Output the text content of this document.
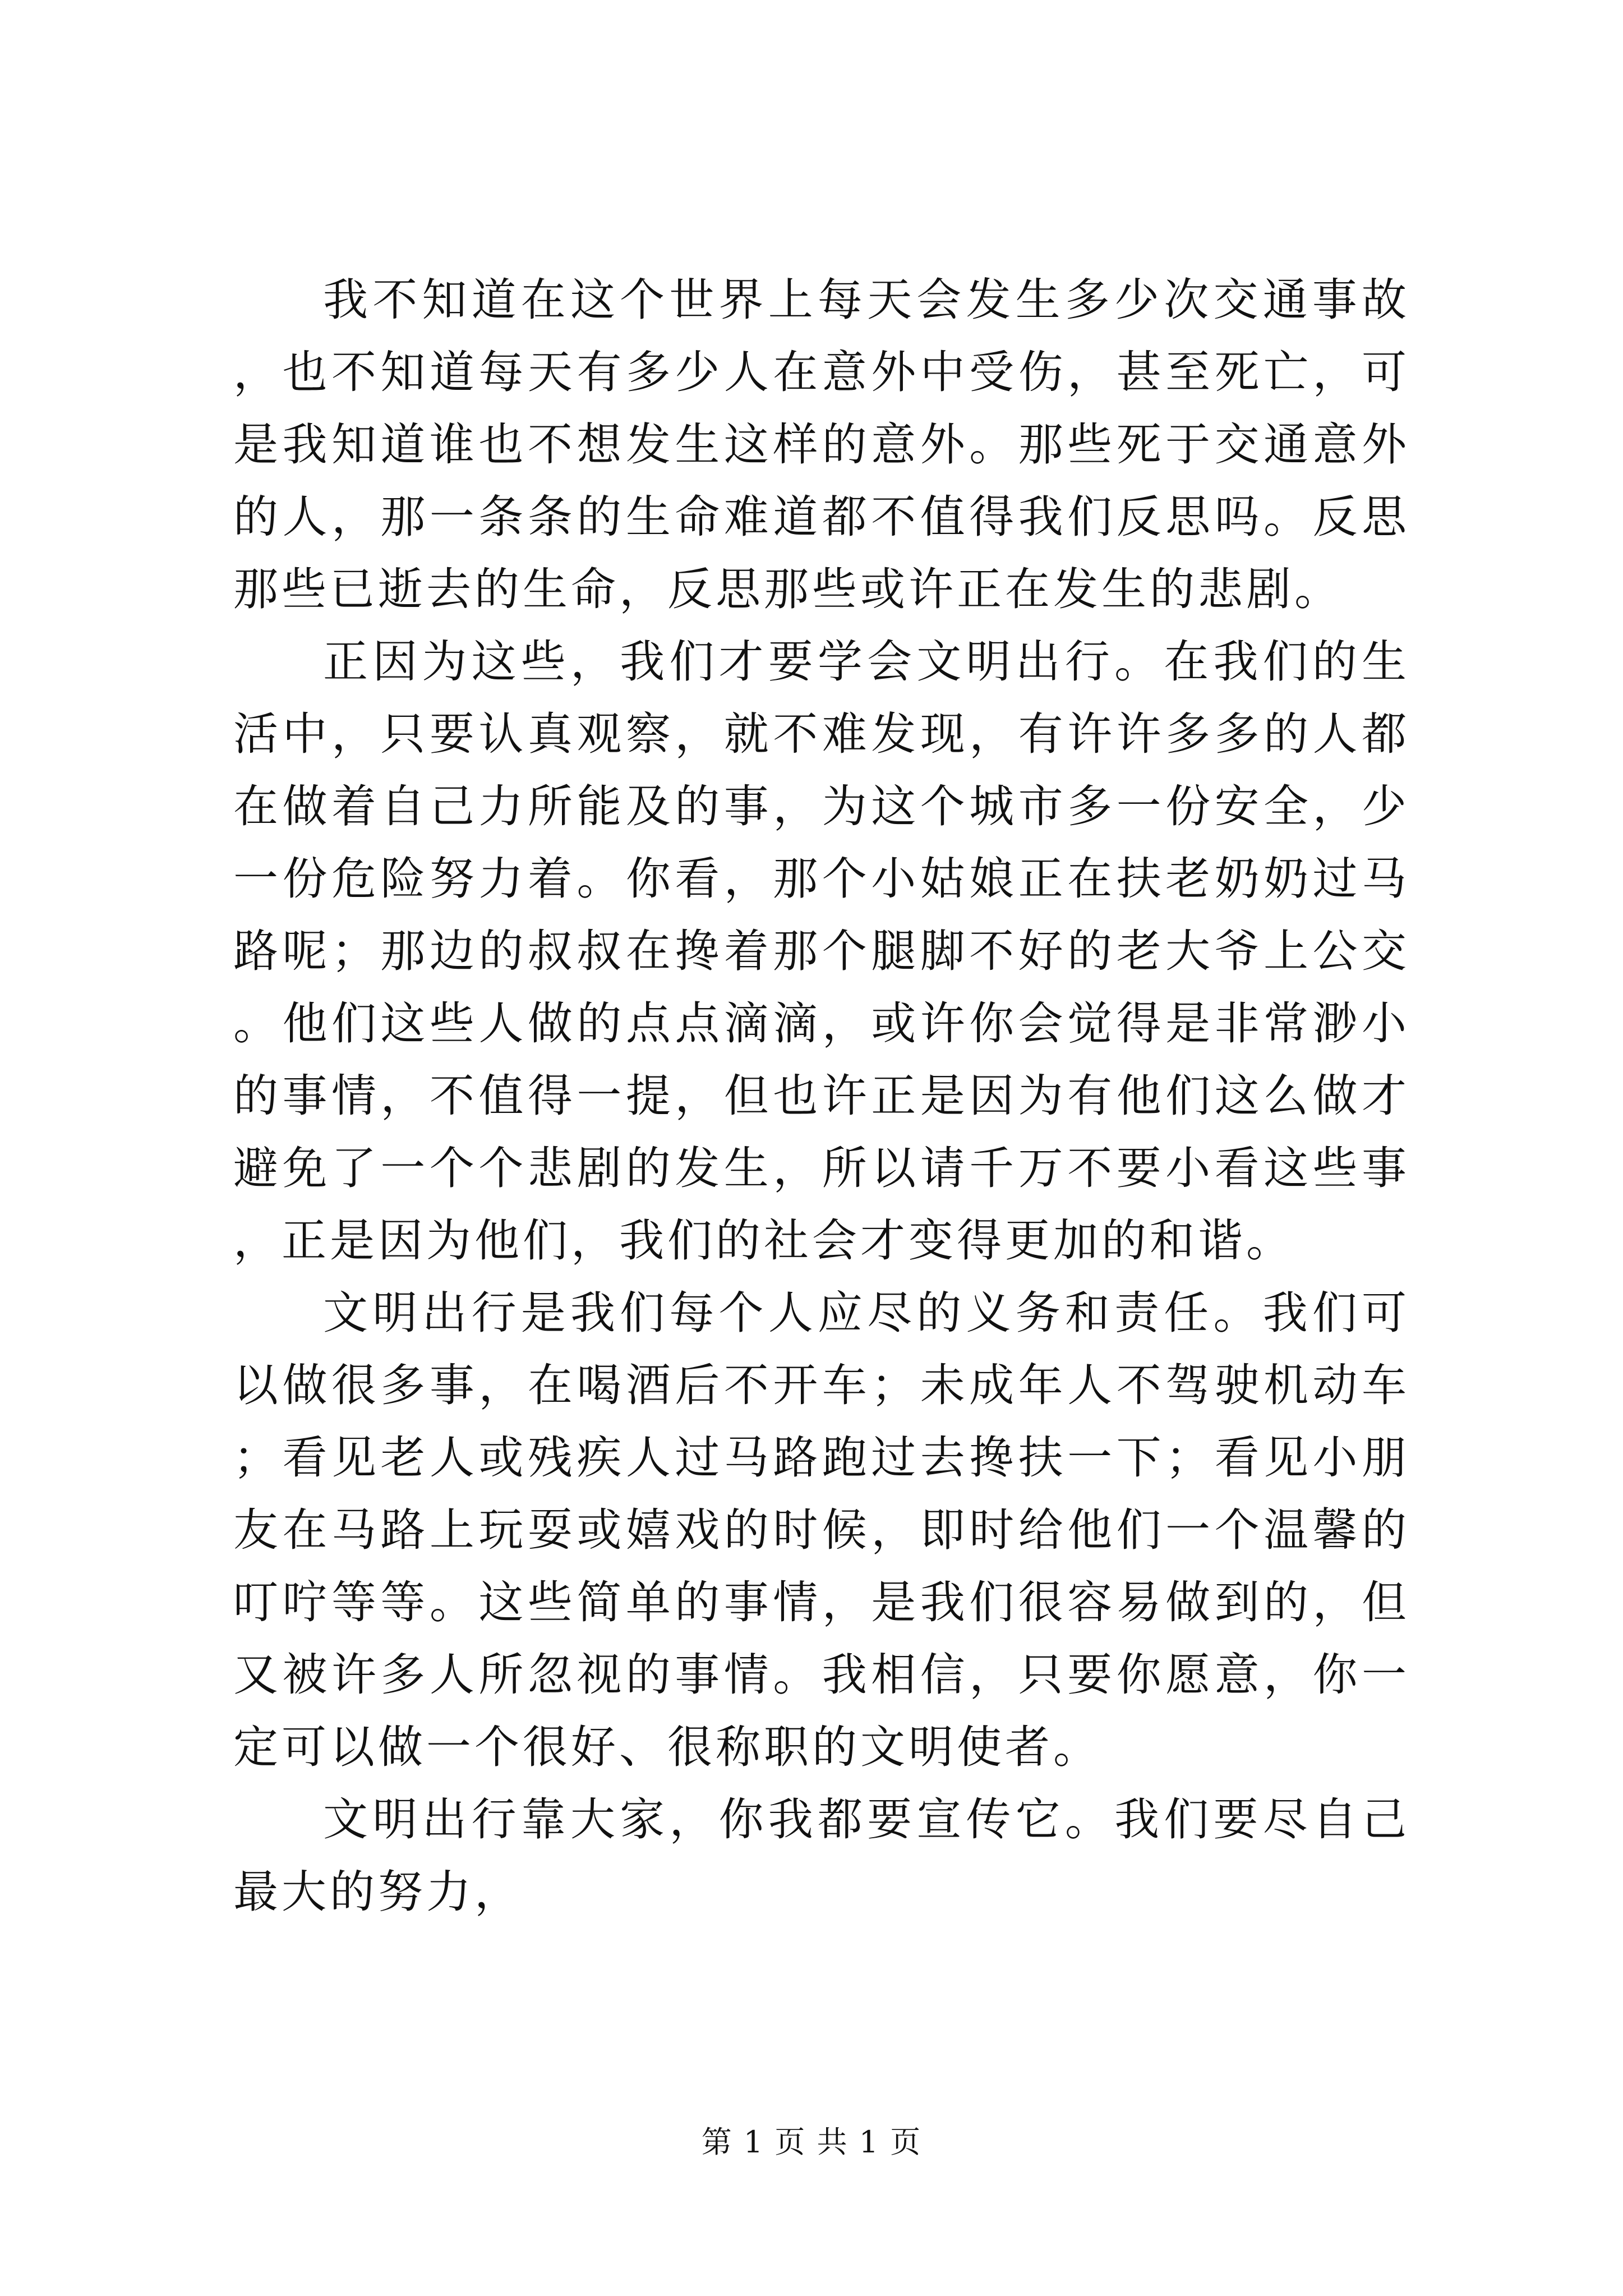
我不知道在这个世界上每天会发生多少次交通事故，也不知道每天有多少人在意外中受伤，甚至死亡，可是我知道谁也不想发生这样的意外。那些死于交通意外的人，那一条条的生命难道都不值得我们反思吗。反思那些已逝去的生命，反思那些或许正在发生的悲剧。

正因为这些，我们才要学会文明出行。在我们的生活中，只要认真观察，就不难发现，有许许多多的人都在做着自己力所能及的事，为这个城市多一份安全，少一份危险努力着。你看，那个小姑娘正在扶老奶奶过马路呢；那边的叔叔在搀着那个腿脚不好的老大爷上公交。他们这些人做的点点滴滴，或许你会觉得是非常渺小的事情，不值得一提，但也许正是因为有他们这么做才避免了一个个悲剧的发生，所以请千万不要小看这些事，正是因为他们，我们的社会才变得更加的和谐。

文明出行是我们每个人应尽的义务和责任。我们可以做很多事，在喝酒后不开车；未成年人不驾驶机动车；看见老人或残疾人过马路跑过去搀扶一下；看见小朋友在马路上玩耍或嬉戏的时候，即时给他们一个温馨的叮咛等等。这些简单的事情，是我们很容易做到的，但又被许多人所忽视的事情。我相信，只要你愿意，你一定可以做一个很好、很称职的文明使者。

文明出行靠大家，你我都要宣传它。我们要尽自己最大的努力，

第 1 页 共 1 页
